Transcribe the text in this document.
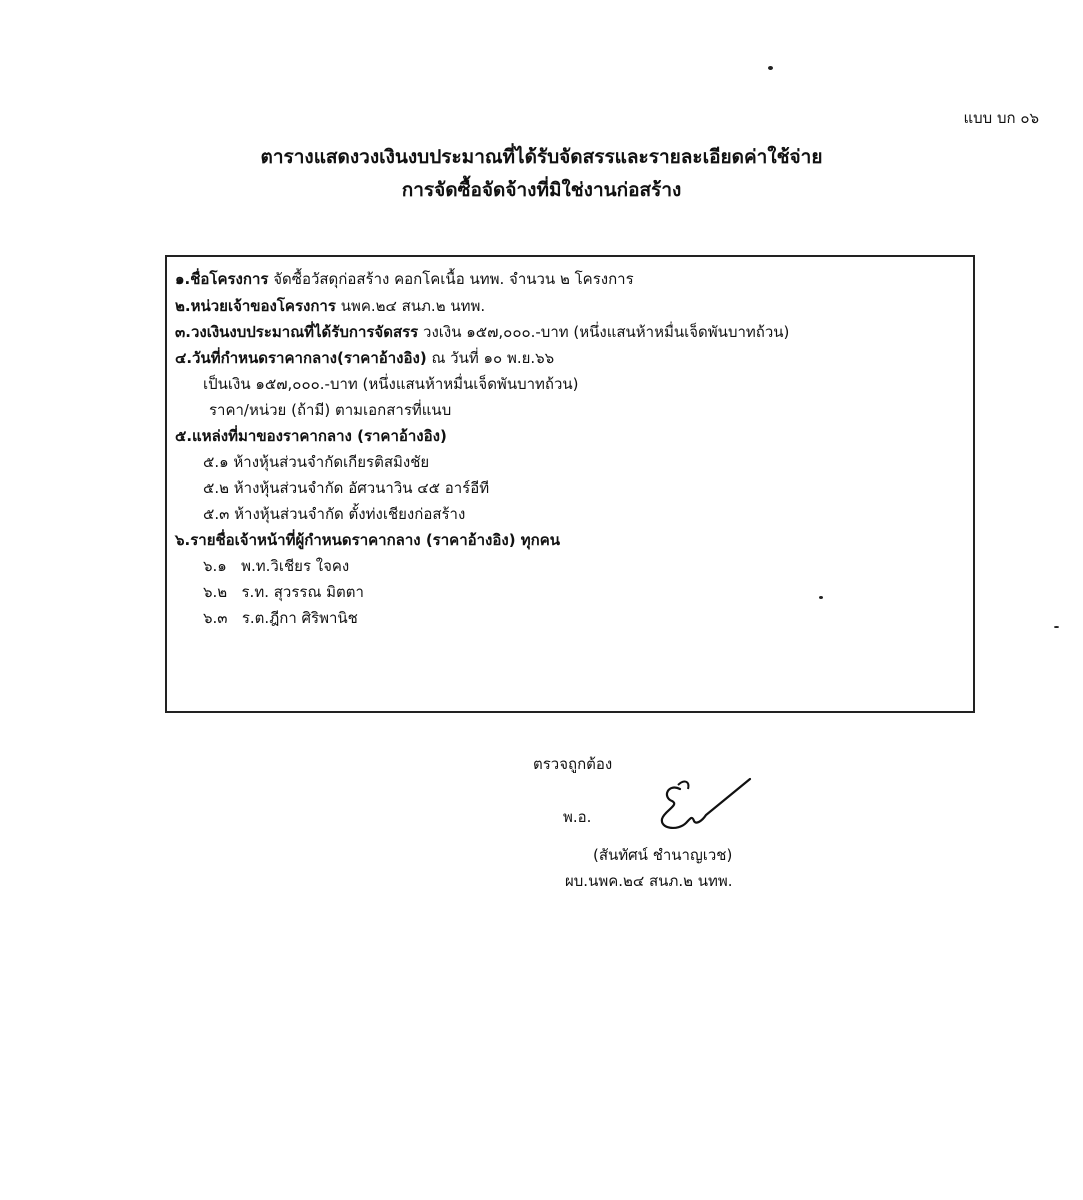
แบบ บก ๐๖
ตารางแสดงวงเงินงบประมาณที่ได้รับจัดสรรและรายละเอียดค่าใช้จ่าย
การจัดซื้อจัดจ้างที่มิใช่งานก่อสร้าง
๑.ชื่อโครงการ จัดซื้อวัสดุก่อสร้าง คอกโคเนื้อ นทพ. จำนวน ๒ โครงการ
๒.หน่วยเจ้าของโครงการ นพค.๒๔ สนภ.๒ นทพ.
๓.วงเงินงบประมาณที่ได้รับการจัดสรร วงเงิน ๑๕๗,๐๐๐.-บาท (หนึ่งแสนห้าหมื่นเจ็ดพันบาทถ้วน)
๔.วันที่กำหนดราคากลาง(ราคาอ้างอิง) ณ วันที่ ๑๐ พ.ย.๖๖
เป็นเงิน ๑๕๗,๐๐๐.-บาท (หนึ่งแสนห้าหมื่นเจ็ดพันบาทถ้วน)
ราคา/หน่วย (ถ้ามี) ตามเอกสารที่แนบ
๕.แหล่งที่มาของราคากลาง (ราคาอ้างอิง)
๕.๑ ห้างหุ้นส่วนจำกัดเกียรติสมิงชัย
๕.๒ ห้างหุ้นส่วนจำกัด อัศวนาวิน ๔๕ อาร์อีที
๕.๓ ห้างหุ้นส่วนจำกัด ตั้งท่งเชียงก่อสร้าง
๖.รายชื่อเจ้าหน้าที่ผู้กำหนดราคากลาง (ราคาอ้างอิง) ทุกคน
๖.๑ พ.ท.วิเชียร ใจคง
๖.๒ ร.ท. สุวรรณ มิตตา
๖.๓ ร.ต.ฎีกา ศิริพานิช
ตรวจถูกต้อง
พ.อ.
(สันทัศน์ ชำนาญเวช)
ผบ.นพค.๒๔ สนภ.๒ นทพ.
